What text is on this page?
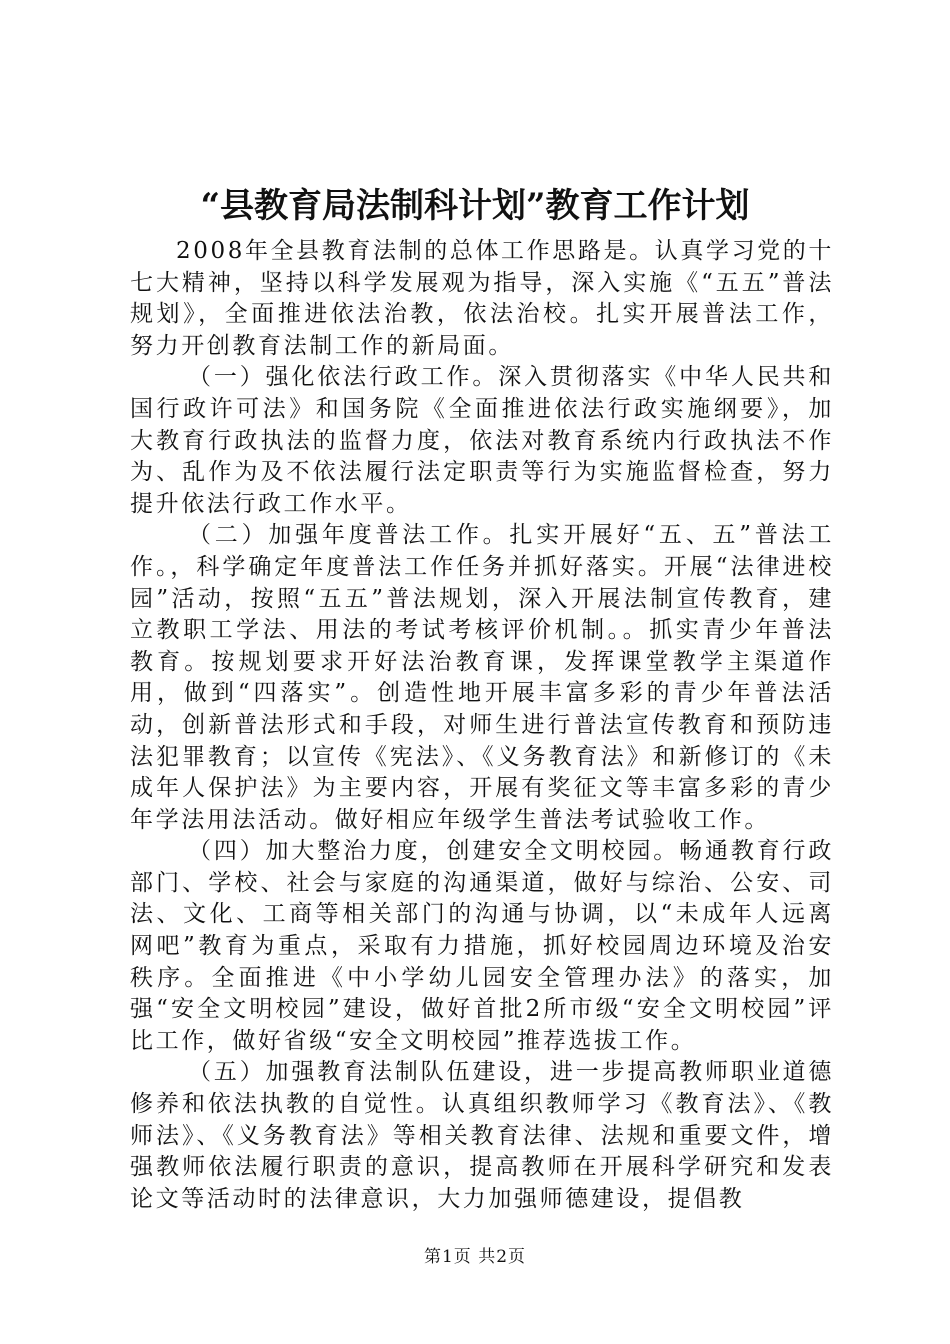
“县教育局法制科计划”教育工作计划

2008年全县教育法制的总体工作思路是。认真学习党的十七大精神，坚持以科学发展观为指导，深入实施《“五五”普法规划》，全面推进依法治教，依法治校。扎实开展普法工作，努力开创教育法制工作的新局面。

（一）强化依法行政工作。深入贯彻落实《中华人民共和国行政许可法》和国务院《全面推进依法行政实施纲要》，加大教育行政执法的监督力度，依法对教育系统内行政执法不作为、乱作为及不依法履行法定职责等行为实施监督检查，努力提升依法行政工作水平。

（二）加强年度普法工作。扎实开展好“五、五”普法工作。，科学确定年度普法工作任务并抓好落实。开展“法律进校园”活动，按照“五五”普法规划，深入开展法制宣传教育，建立教职工学法、用法的考试考核评价机制。。抓实青少年普法教育。按规划要求开好法治教育课，发挥课堂教学主渠道作用，做到“四落实”。创造性地开展丰富多彩的青少年普法活动，创新普法形式和手段，对师生进行普法宣传教育和预防违法犯罪教育；以宣传《宪法》、《义务教育法》和新修订的《未成年人保护法》为主要内容，开展有奖征文等丰富多彩的青少年学法用法活动。做好相应年级学生普法考试验收工作。

（四）加大整治力度，创建安全文明校园。畅通教育行政部门、学校、社会与家庭的沟通渠道，做好与综治、公安、司法、文化、工商等相关部门的沟通与协调，以“未成年人远离网吧”教育为重点，采取有力措施，抓好校园周边环境及治安秩序。全面推进《中小学幼儿园安全管理办法》的落实，加强“安全文明校园”建设，做好首批2所市级“安全文明校园”评比工作，做好省级“安全文明校园”推荐选拔工作。

（五）加强教育法制队伍建设，进一步提高教师职业道德修养和依法执教的自觉性。认真组织教师学习《教育法》、《教师法》、《义务教育法》等相关教育法律、法规和重要文件，增强教师依法履行职责的意识，提高教师在开展科学研究和发表论文等活动时的法律意识，大力加强师德建设，提倡教

第1页 共2页
